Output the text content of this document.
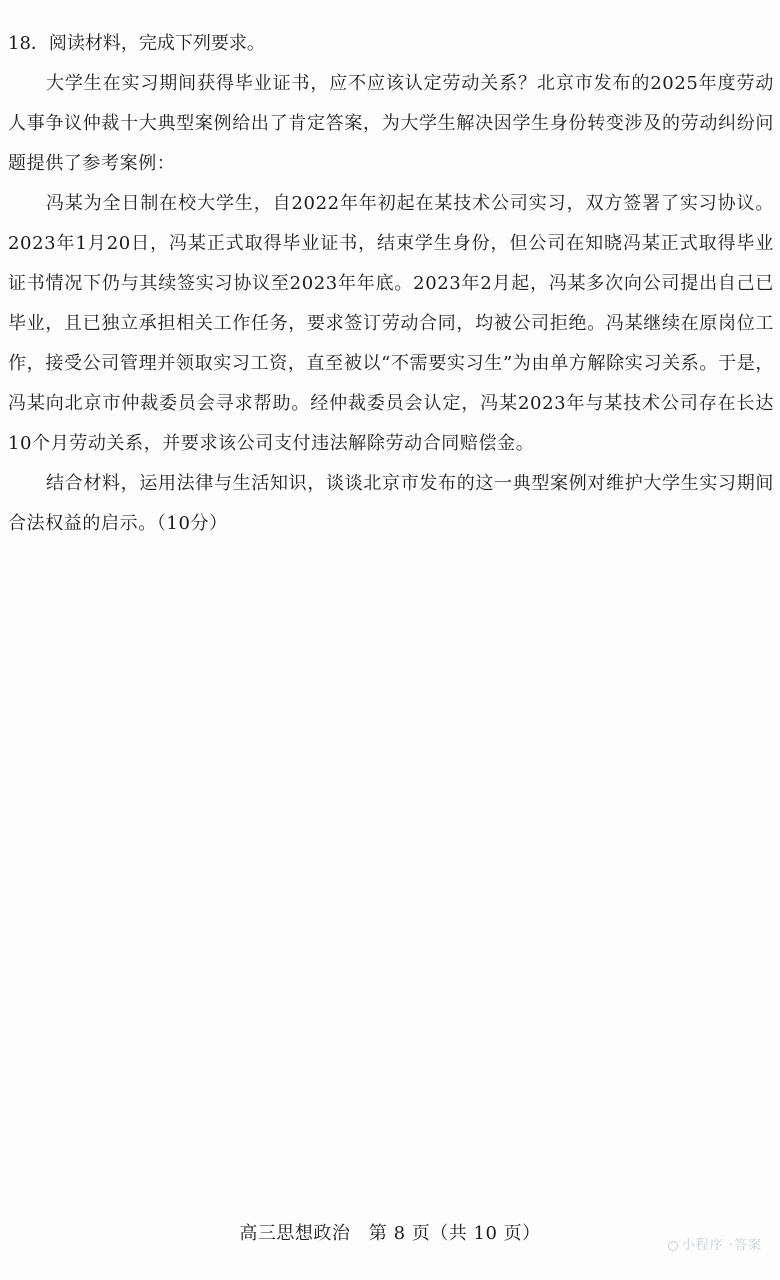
18．阅读材料，完成下列要求。

大学生在实习期间获得毕业证书，应不应该认定劳动关系？北京市发布的2025年度劳动人事争议仲裁十大典型案例给出了肯定答案，为大学生解决因学生身份转变涉及的劳动纠纷问题提供了参考案例：

冯某为全日制在校大学生，自2022年年初起在某技术公司实习，双方签署了实习协议。2023年1月20日，冯某正式取得毕业证书，结束学生身份，但公司在知晓冯某正式取得毕业证书情况下仍与其续签实习协议至2023年年底。2023年2月起，冯某多次向公司提出自己已毕业，且已独立承担相关工作任务，要求签订劳动合同，均被公司拒绝。冯某继续在原岗位工作，接受公司管理并领取实习工资，直至被以“不需要实习生”为由单方解除实习关系。于是，冯某向北京市仲裁委员会寻求帮助。经仲裁委员会认定，冯某2023年与某技术公司存在长达10个月劳动关系，并要求该公司支付违法解除劳动合同赔偿金。

结合材料，运用法律与生活知识，谈谈北京市发布的这一典型案例对维护大学生实习期间合法权益的启示。（10分）

高三思想政治　第 8 页（共 10 页）
小程序 ·答案
